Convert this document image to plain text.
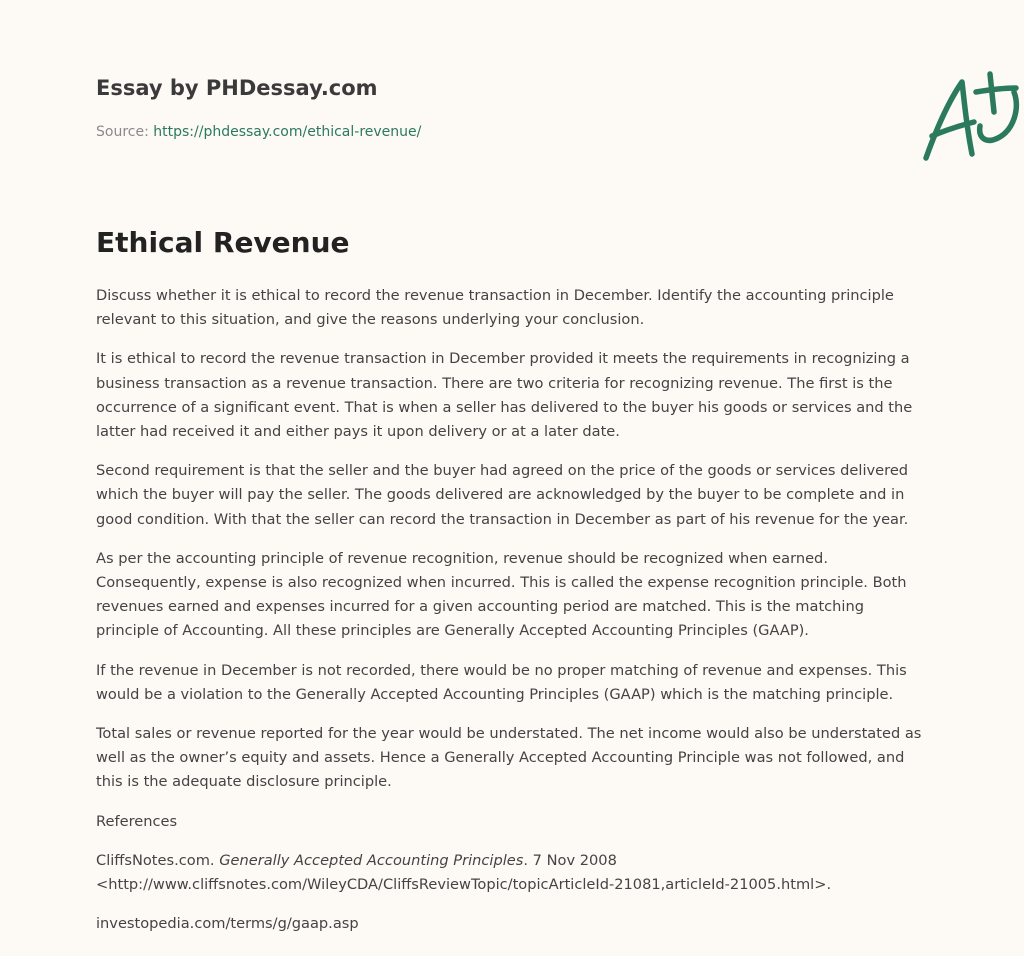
Essay by PHDessay.com
Source: https://phdessay.com/ethical-revenue/
Ethical Revenue

Discuss whether it is ethical to record the revenue transaction in December. Identify the accounting principle relevant to this situation, and give the reasons underlying your conclusion.

It is ethical to record the revenue transaction in December provided it meets the requirements in recognizing a business transaction as a revenue transaction. There are two criteria for recognizing revenue. The first is the occurrence of a significant event. That is when a seller has delivered to the buyer his goods or services and the latter had received it and either pays it upon delivery or at a later date.

Second requirement is that the seller and the buyer had agreed on the price of the goods or services delivered which the buyer will pay the seller. The goods delivered are acknowledged by the buyer to be complete and in good condition. With that the seller can record the transaction in December as part of his revenue for the year.

As per the accounting principle of revenue recognition, revenue should be recognized when earned. Consequently, expense is also recognized when incurred. This is called the expense recognition principle. Both revenues earned and expenses incurred for a given accounting period are matched. This is the matching principle of Accounting. All these principles are Generally Accepted Accounting Principles (GAAP).

If the revenue in December is not recorded, there would be no proper matching of revenue and expenses. This would be a violation to the Generally Accepted Accounting Principles (GAAP) which is the matching principle.

Total sales or revenue reported for the year would be understated. The net income would also be understated as well as the owner’s equity and assets. Hence a Generally Accepted Accounting Principle was not followed, and this is the adequate disclosure principle.

References

CliffsNotes.com. Generally Accepted Accounting Principles. 7 Nov 2008
<http://www.cliffsnotes.com/WileyCDA/CliffsReviewTopic/topicArticleId-21081,articleId-21005.html>.

investopedia.com/terms/g/gaap.asp
